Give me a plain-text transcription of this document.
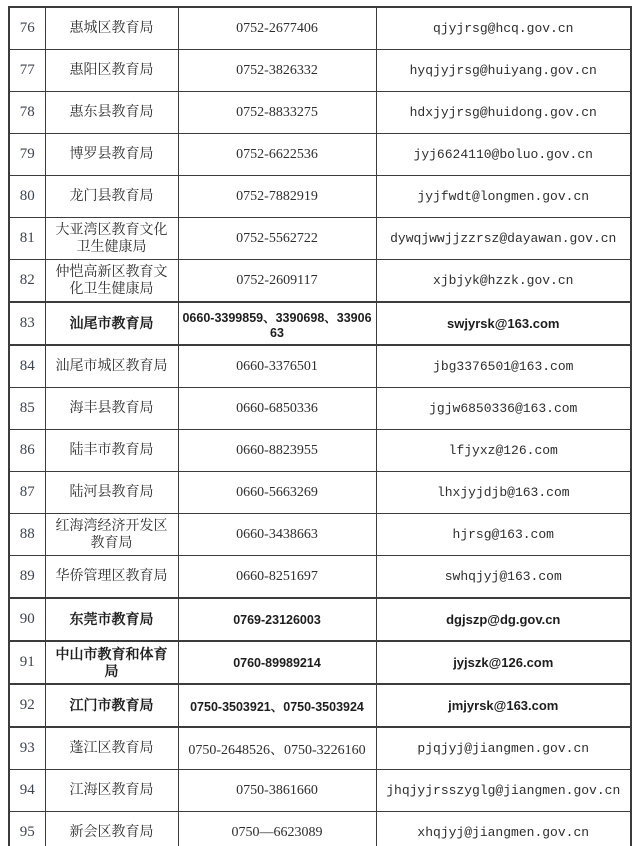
76	惠城区教育局	0752-2677406	qjyjrsg@hcq.gov.cn
77	惠阳区教育局	0752-3826332	hyqjyjrsg@huiyang.gov.cn
78	惠东县教育局	0752-8833275	hdxjyjrsg@huidong.gov.cn
79	博罗县教育局	0752-6622536	jyj6624110@boluo.gov.cn
80	龙门县教育局	0752-7882919	jyjfwdt@longmen.gov.cn
81	大亚湾区教育文化卫生健康局	0752-5562722	dywqjwwjjzzrsz@dayawan.gov.cn
82	仲恺高新区教育文化卫生健康局	0752-2609117	xjbjyk@hzzk.gov.cn
83	汕尾市教育局	0660-3399859、3390698、3390663	swjyrsk@163.com
84	汕尾市城区教育局	0660-3376501	jbg3376501@163.com
85	海丰县教育局	0660-6850336	jgjw6850336@163.com
86	陆丰市教育局	0660-8823955	lfjyxz@126.com
87	陆河县教育局	0660-5663269	lhxjyjdjb@163.com
88	红海湾经济开发区教育局	0660-3438663	hjrsg@163.com
89	华侨管理区教育局	0660-8251697	swhqjyj@163.com
90	东莞市教育局	0769-23126003	dgjszp@dg.gov.cn
91	中山市教育和体育局	0760-89989214	jyjszk@126.com
92	江门市教育局	0750-3503921、0750-3503924	jmjyrsk@163.com
93	蓬江区教育局	0750-2648526、0750-3226160	pjqjyj@jiangmen.gov.cn
94	江海区教育局	0750-3861660	jhqjyjrsszyglg@jiangmen.gov.cn
95	新会区教育局	0750—6623089	xhqjyj@jiangmen.gov.cn
